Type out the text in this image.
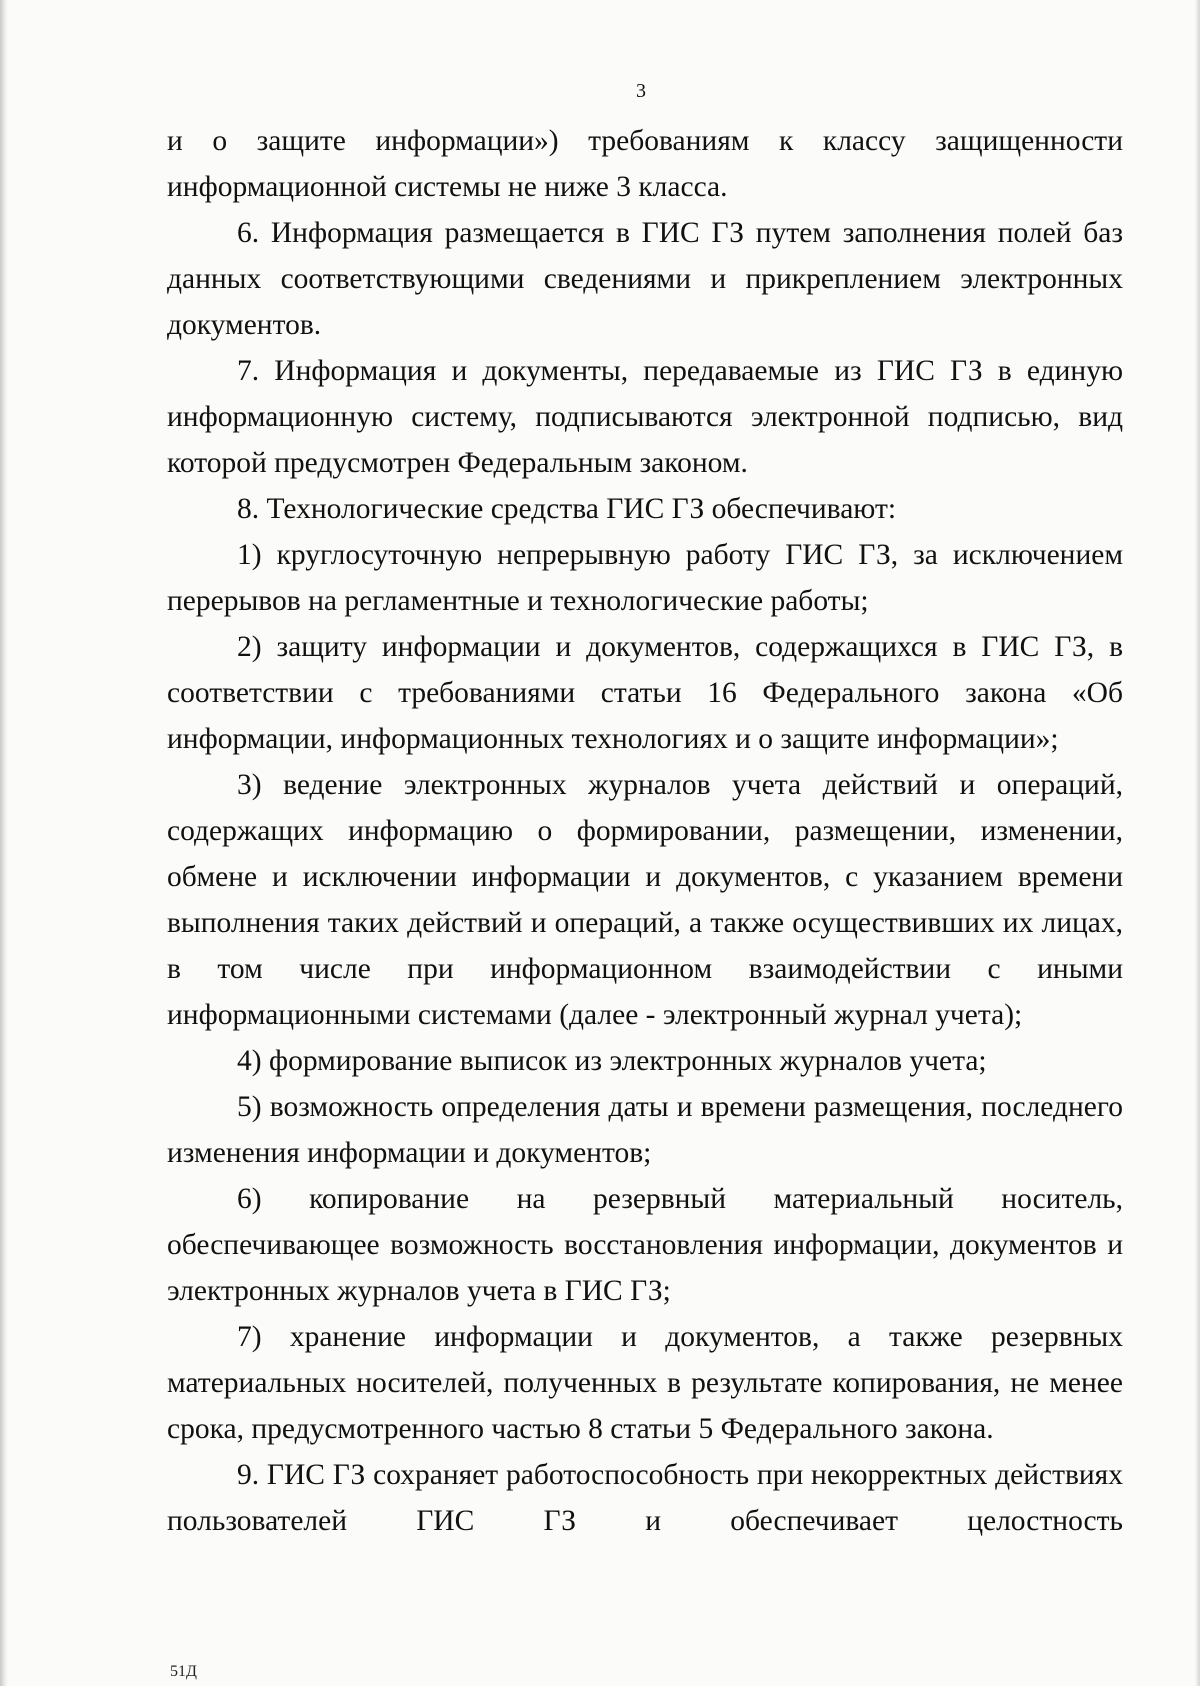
3

и о защите информации») требованиям к классу защищенности информационной системы не ниже 3 класса.

6. Информация размещается в ГИС ГЗ путем заполнения полей баз данных соответствующими сведениями и прикреплением электронных документов.

7. Информация и документы, передаваемые из ГИС ГЗ в единую информационную систему, подписываются электронной подписью, вид которой предусмотрен Федеральным законом.

8. Технологические средства ГИС ГЗ обеспечивают:

1) круглосуточную непрерывную работу ГИС ГЗ, за исключением перерывов на регламентные и технологические работы;

2) защиту информации и документов, содержащихся в ГИС ГЗ, в соответствии с требованиями статьи 16 Федерального закона «Об информации, информационных технологиях и о защите информации»;

3) ведение электронных журналов учета действий и операций, содержащих информацию о формировании, размещении, изменении, обмене и исключении информации и документов, с указанием времени выполнения таких действий и операций, а также осуществивших их лицах, в том числе при информационном взаимодействии с иными информационными системами (далее - электронный журнал учета);

4) формирование выписок из электронных журналов учета;

5) возможность определения даты и времени размещения, последнего изменения информации и документов;

6) копирование на резервный материальный носитель, обеспечивающее возможность восстановления информации, документов и электронных журналов учета в ГИС ГЗ;

7) хранение информации и документов, а также резервных материальных носителей, полученных в результате копирования, не менее срока, предусмотренного частью 8 статьи 5 Федерального закона.

9. ГИС ГЗ сохраняет работоспособность при некорректных действиях пользователей ГИС ГЗ и обеспечивает целостность

51Д
